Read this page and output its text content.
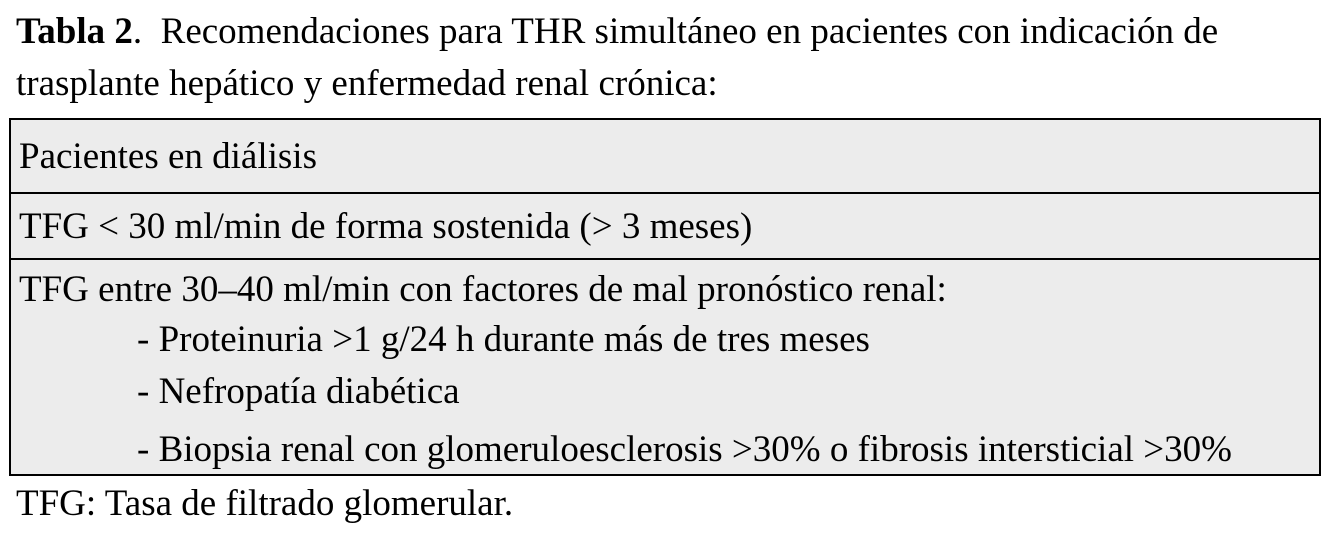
Tabla 2. Recomendaciones para THR simultáneo en pacientes con indicación de trasplante hepático y enfermedad renal crónica:

Pacientes en diálisis
TFG < 30 ml/min de forma sostenida (> 3 meses)
TFG entre 30–40 ml/min con factores de mal pronóstico renal:
- Proteinuria >1 g/24 h durante más de tres meses
- Nefropatía diabética
- Biopsia renal con glomeruloesclerosis >30% o fibrosis intersticial >30%

TFG: Tasa de filtrado glomerular.
